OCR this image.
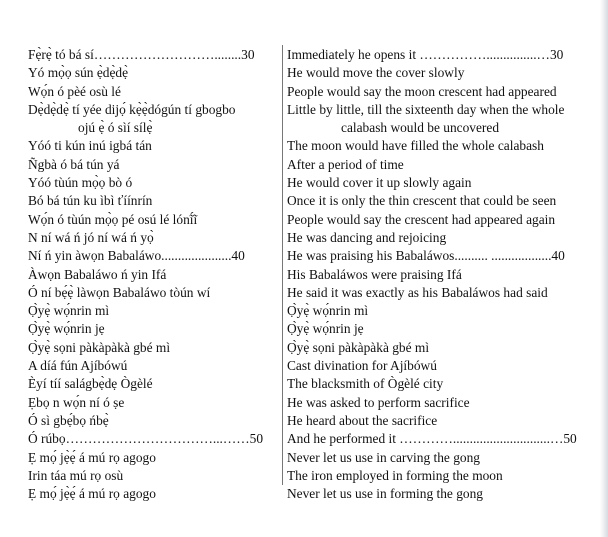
Fẹ̀rẹ̀ tó bá sí………………………........30
Yó mọ̀ọ sún ẹ̀dẹ̀dẹ̀
Wọ́n ó pèé osù lé
Dẹ̀dẹ̀dẹ̀ tí yée dijọ́ kẹ̀ẹ̀dógún tí gbogbo
ojú ẹ̀ ó sìí sílẹ̀
Yóó ti kún inú igbá tán
Ñgbà ó bá tún yá
Yóó tùún mọ̀ọ bò ó
Bó bá tún ku ìbì ťíínrín
Wọ́n ó tùún mọ̀ọ pé osú lé lónĩ́ĩ
N ní wá ń jó ní wá ń yọ̀
Ní ń yin àwọn Babaláwo.....................40
Àwọn Babaláwo ń yin Ifá
Ó ní bẹ́ẹ̀ làwọn Babaláwo tòún wí
Ọ̀yẹ̀ wọ́nrin mì
Ọ̀yẹ̀ wọ́nrin jẹ
Ọ̀yẹ̀ sọni pàkàpàkà gbé mì
A díá fún Ajíbówú
Èyí tíí salágbẹ̀dẹ Ògèlé
Ẹbọ n wọ́n ní ó ṣe
Ó sì gbẹ́bọ ńbẹ̀
Ó rúbọ……………………………...……50
Ẹ mọ́ jẹ̀ẹ́ á mú rọ agogo
Irin táa mú rọ osù
Ẹ mọ́ jẹ̀ẹ́ á mú rọ agogo
Immediately he opens it ……………...............…30
He would move the cover slowly
People would say the moon crescent had appeared
Little by little, till the sixteenth day when the whole
calabash would be uncovered
The moon would have filled the whole calabash
After a period of time
He would cover it up slowly again
Once it is only the thin crescent that could be seen
People would say the crescent had appeared again
He was dancing and rejoicing
He was praising his Babaláwos.......... ..................40
His Babaláwos were praising Ifá
He said it was exactly as his Babaláwos had said
Ọ̀yẹ̀ wọ́nrin mì
Ọ̀yẹ̀ wọ́nrin jẹ
Ọ̀yẹ̀ sọni pàkàpàkà gbé mì
Cast divination for Ajíbówú
The blacksmith of Ògèlé city
He was asked to perform sacrifice
He heard about the sacrifice
And he performed it ………….............................…50
Never let us use in carving the gong
The iron employed in forming the moon
Never let us use in forming the gong
